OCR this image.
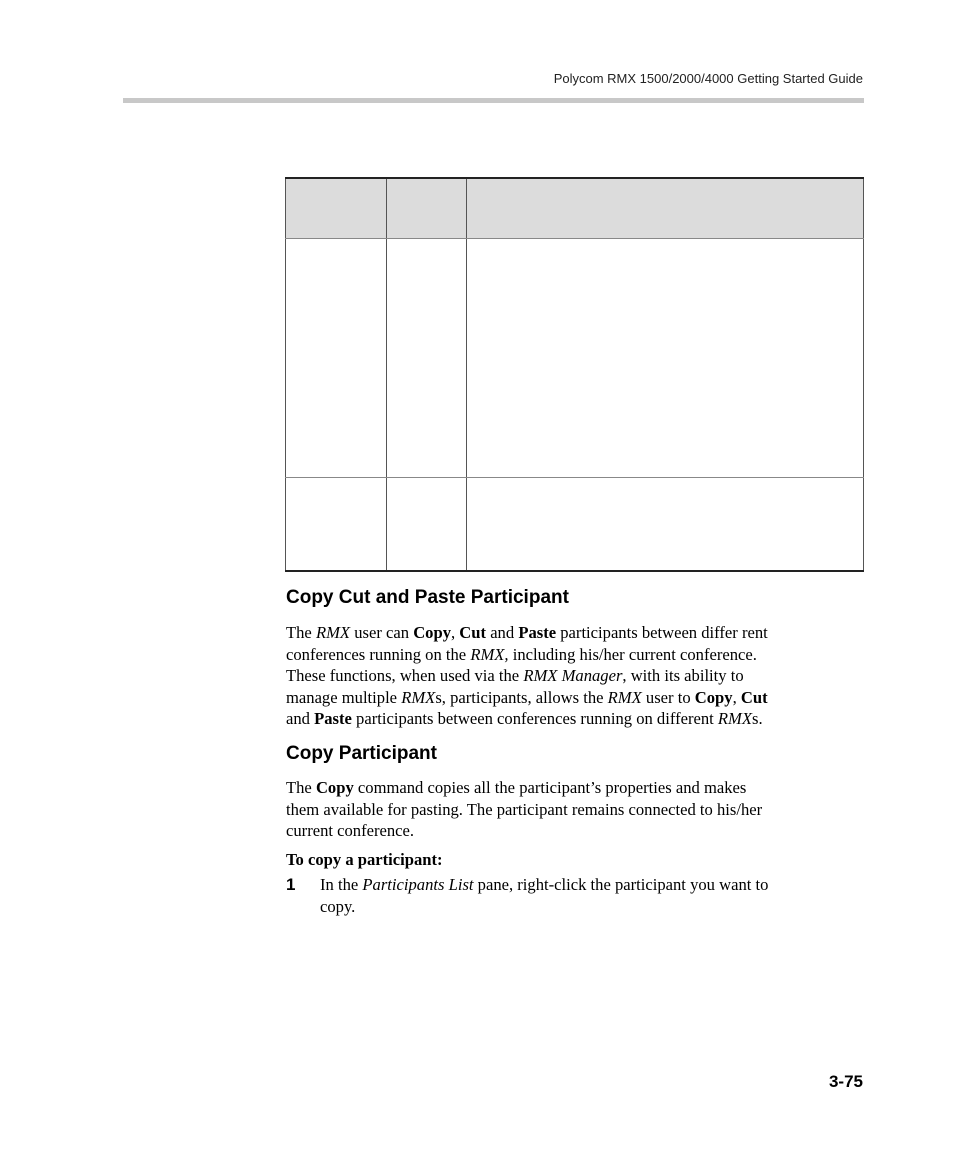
Polycom RMX 1500/2000/4000 Getting Started Guide

Copy Cut and Paste Participant

The RMX user can Copy, Cut and Paste participants between differ rent
conferences running on the RMX, including his/her current conference.
These functions, when used via the RMX Manager, with its ability to
manage multiple RMXs, participants, allows the RMX user to Copy, Cut
and Paste participants between conferences running on different RMXs.

Copy Participant

The Copy command copies all the participant’s properties and makes
them available for pasting. The participant remains connected to his/her
current conference.

To copy a participant:

1 In the Participants List pane, right-click the participant you want to
copy.
3-75
